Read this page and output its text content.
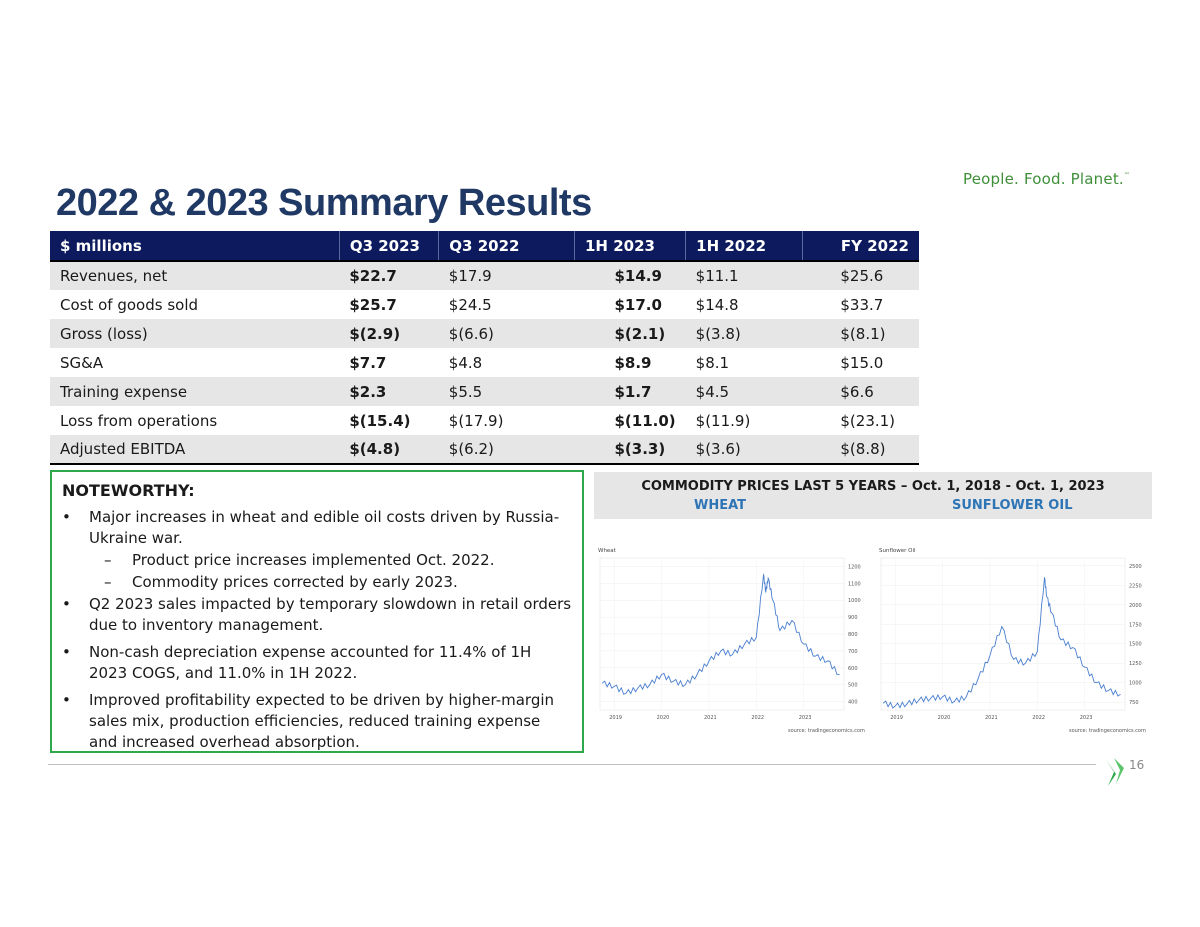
People. Food. Planet.™
2022 & 2023 Summary Results
$ millions	Q3 2023	Q3 2022	1H 2023	1H 2022	FY 2022
Revenues, net	$22.7	$17.9	$14.9	$11.1	$25.6
Cost of goods sold	$25.7	$24.5	$17.0	$14.8	$33.7
Gross (loss)	$(2.9)	$(6.6)	$(2.1)	$(3.8)	$(8.1)
SG&A	$7.7	$4.8	$8.9	$8.1	$15.0
Training expense	$2.3	$5.5	$1.7	$4.5	$6.6
Loss from operations	$(15.4)	$(17.9)	$(11.0)	$(11.9)	$(23.1)
Adjusted EBITDA	$(4.8)	$(6.2)	$(3.3)	$(3.6)	$(8.8)
NOTEWORTHY:
• Major increases in wheat and edible oil costs driven by Russia-Ukraine war.
– Product price increases implemented Oct. 2022.
– Commodity prices corrected by early 2023.
• Q2 2023 sales impacted by temporary slowdown in retail orders due to inventory management.
• Non-cash depreciation expense accounted for 11.4% of 1H 2023 COGS, and 11.0% in 1H 2022.
• Improved profitability expected to be driven by higher-margin sales mix, production efficiencies, reduced training expense and increased overhead absorption.
COMMODITY PRICES LAST 5 YEARS – Oct. 1, 2018 - Oct. 1, 2023
WHEAT	SUNFLOWER OIL
Wheat
400
500
600
700
800
900
1000
1100
1200
2019	2020	2021	2022	2023
source: tradingeconomics.com
Sunflower Oil
750
1000
1250
1500
1750
2000
2250
2500
2019	2020	2021	2022	2023
source: tradingeconomics.com
16
